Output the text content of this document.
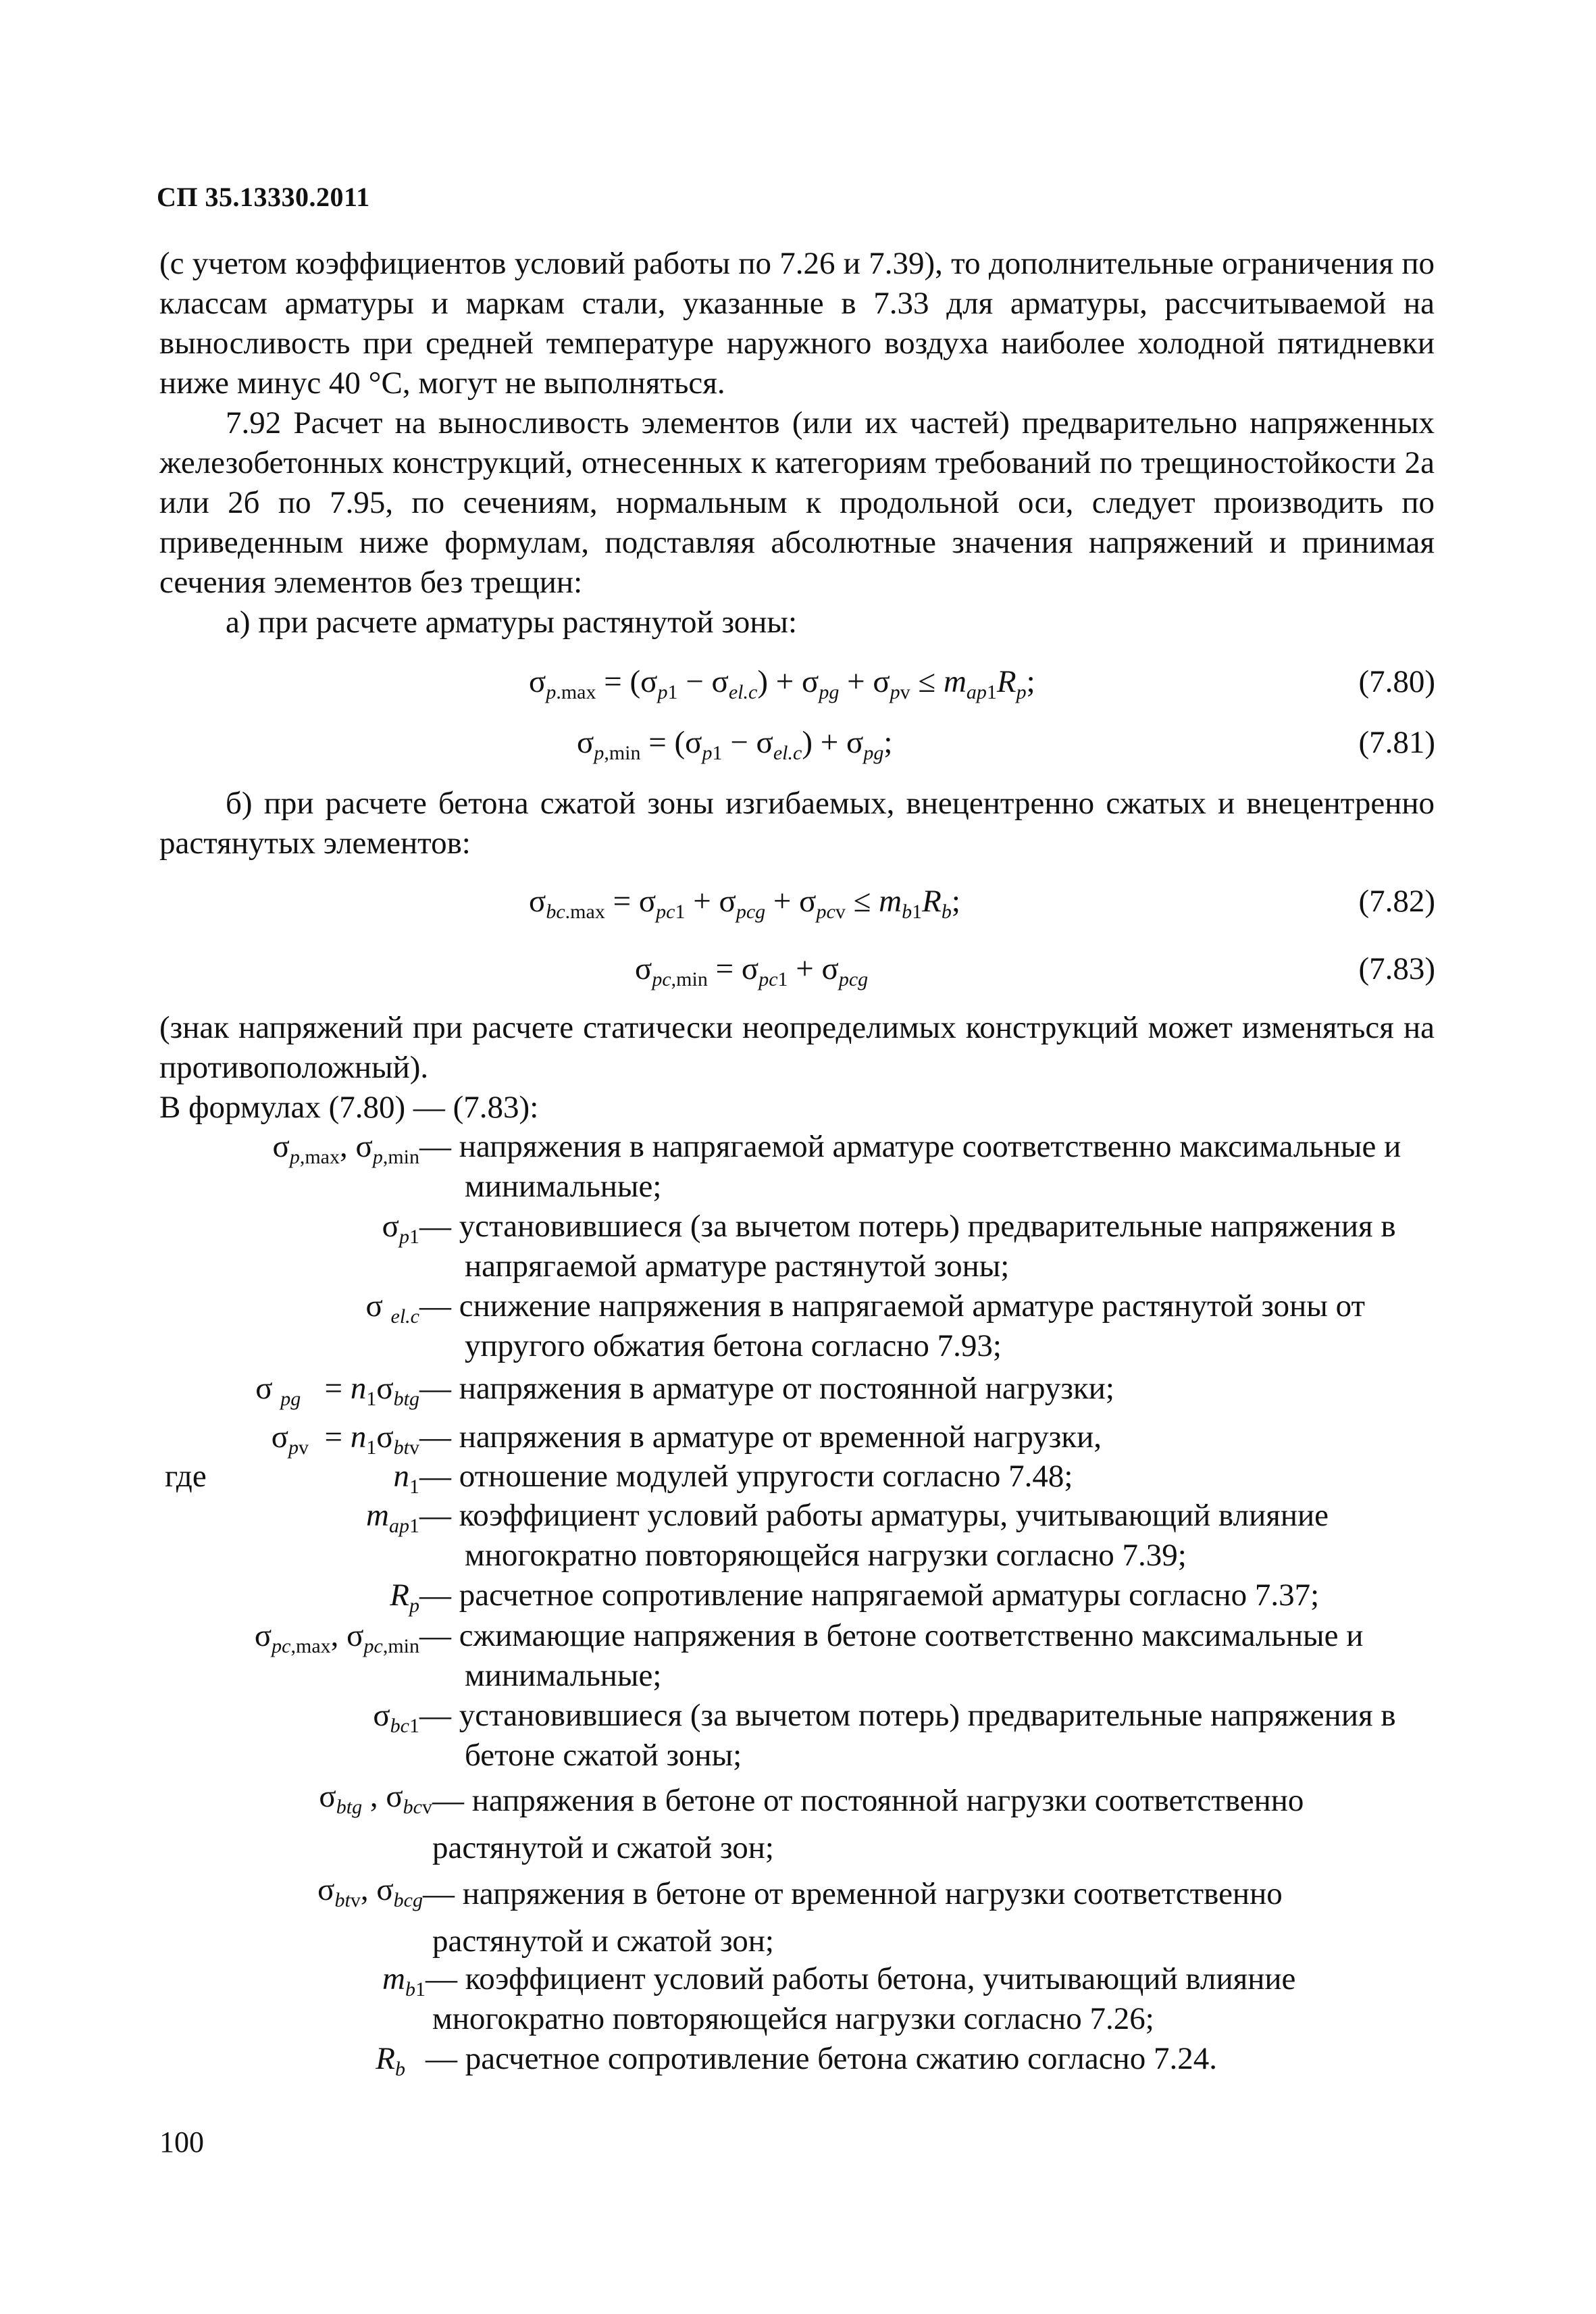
СП 35.13330.2011
(с учетом коэффициентов условий работы по 7.26 и 7.39), то дополнительные ограничения по классам арматуры и маркам стали, указанные в 7.33 для арматуры, рассчитываемой на выносливость при средней температуре наружного воздуха наиболее холодной пятидневки ниже минус 40 °С, могут не выполняться.
7.92 Расчет на выносливость элементов (или их частей) предварительно напряженных железобетонных конструкций, отнесенных к категориям требований по трещиностойкости 2а или 2б по 7.95, по сечениям, нормальным к продольной оси, следует производить по приведенным ниже формулам, подставляя абсолютные значения напряжений и принимая сечения элементов без трещин:
а) при расчете арматуры растянутой зоны:
$\sigma_{p.max} = (\sigma_{p1} - \sigma_{el.c}) + \sigma_{pg} + \sigma_{pv} \le m_{ap1}R_p$;	(7.80)
$\sigma_{p,min} = (\sigma_{p1} - \sigma_{el.c}) + \sigma_{pg}$;	(7.81)
б) при расчете бетона сжатой зоны изгибаемых, внецентренно сжатых и внецентренно растянутых элементов:
$\sigma_{bc.max} = \sigma_{pc1} + \sigma_{pcg} + \sigma_{pcv} \le m_{b1}R_b$;	(7.82)
$\sigma_{pc,min} = \sigma_{pc1} + \sigma_{pcg}$	(7.83)
(знак напряжений при расчете статически неопределимых конструкций может изменяться на противоположный).
В формулах (7.80) — (7.83):
$\sigma_{p,max}$, $\sigma_{p,min}$ — напряжения в напрягаемой арматуре соответственно максимальные и
минимальные;
$\sigma_{p1}$ — установившиеся (за вычетом потерь) предварительные напряжения в
напрягаемой арматуре растянутой зоны;
σ $_{el.c}$ — снижение напряжения в напрягаемой арматуре растянутой зоны от
упругого обжатия бетона согласно 7.93;
σ $_{pg} = n_1\sigma_{btg}$ — напряжения в арматуре от постоянной нагрузки;
$\sigma_{pv} = n_1\sigma_{btv}$ — напряжения в арматуре от временной нагрузки,
где	$n_1$ — отношение модулей упругости согласно 7.48;
$m_{ap1}$ — коэффициент условий работы арматуры, учитывающий влияние
многократно повторяющейся нагрузки согласно 7.39;
$R_p$ — расчетное сопротивление напрягаемой арматуры согласно 7.37;
$\sigma_{pc,max}$, $\sigma_{pc,min}$ — сжимающие напряжения в бетоне соответственно максимальные и
минимальные;
$\sigma_{bc1}$ — установившиеся (за вычетом потерь) предварительные напряжения в
бетоне сжатой зоны;
$\sigma_{btg}$ , $\sigma_{bcv}$ — напряжения в бетоне от постоянной нагрузки соответственно
растянутой и сжатой зон;
$\sigma_{btv}$, $\sigma_{bcg}$ — напряжения в бетоне от временной нагрузки соответственно
растянутой и сжатой зон;
$m_{b1}$ — коэффициент условий работы бетона, учитывающий влияние
многократно повторяющейся нагрузки согласно 7.26;
$R_b$ — расчетное сопротивление бетона сжатию согласно 7.24.
100
